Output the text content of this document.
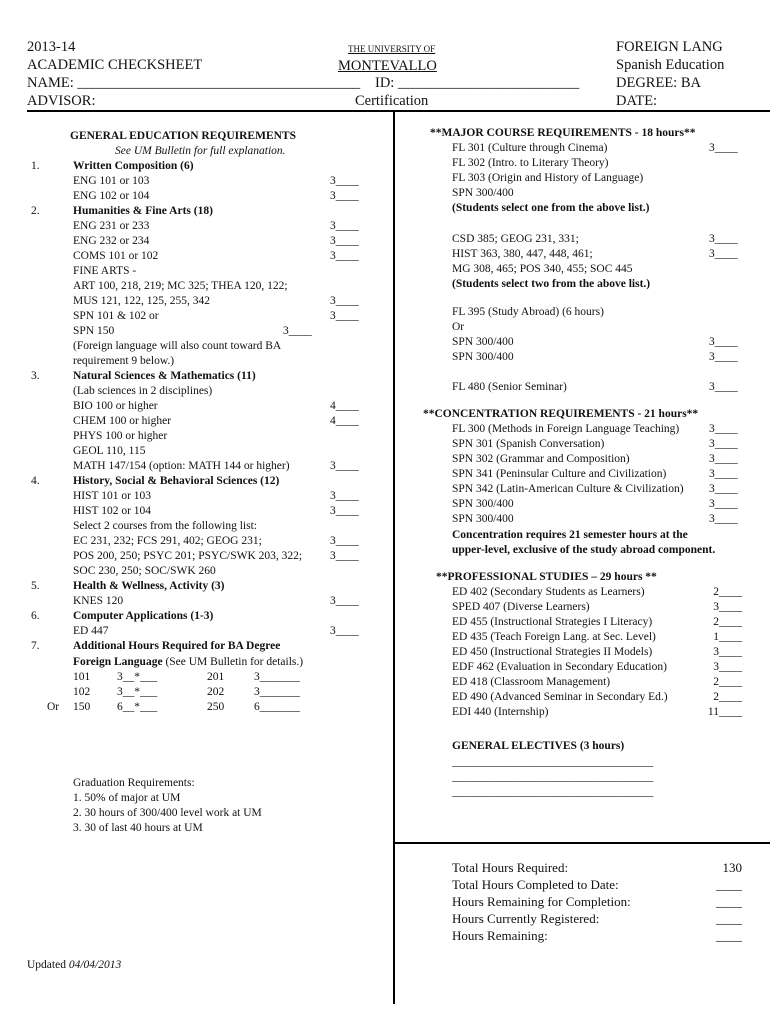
2013-14
ACADEMIC CHECKSHEET
NAME: _______________________________________
ADVISOR:
THE UNIVERSITY OF
MONTEVALLO
ID: _________________________
Certification
FOREIGN LANG
Spanish Education
DEGREE: BA
DATE:
GENERAL EDUCATION REQUIREMENTS
See UM Bulletin for full explanation.
1.	Written Composition (6)
ENG 101 or 103	3____
ENG 102 or 104	3____
2.	Humanities & Fine Arts (18)
ENG 231 or 233	3____
ENG 232 or 234	3____
COMS 101 or 102	3____
FINE ARTS -
ART 100, 218, 219; MC 325; THEA 120, 122;
MUS 121, 122, 125, 255, 342	3____
SPN 101 & 102 or	3____
SPN 150	3____
(Foreign language will also count toward BA
requirement 9 below.)
3.	Natural Sciences & Mathematics (11)
(Lab sciences in 2 disciplines)
BIO 100 or higher	4____
CHEM 100 or higher	4____
PHYS 100 or higher
GEOL 110, 115
MATH 147/154 (option: MATH 144 or higher)	3____
4.	History, Social & Behavioral Sciences (12)
HIST 101 or 103	3____
HIST 102 or 104	3____
Select 2 courses from the following list:
EC 231, 232; FCS 291, 402; GEOG 231;	3____
POS 200, 250; PSYC 201; PSYC/SWK 203, 322; 3____
SOC 230, 250; SOC/SWK 260
5.	Health & Wellness, Activity (3)
KNES 120	3____
6.	Computer Applications (1-3)
ED 447	3____
7.	Additional Hours Required for BA Degree
Foreign Language (See UM Bulletin for details.)
101 3__*___	201	3_______
102 3__*___	202	3_______
Or 150 6__*___	250	6_______
Graduation Requirements:
1. 50% of major at UM
2. 30 hours of 300/400 level work at UM
3. 30 of last 40 hours at UM
Updated 04/04/2013
**MAJOR COURSE REQUIREMENTS - 18 hours**
FL 301 (Culture through Cinema)	3____
FL 302 (Intro. to Literary Theory)
FL 303 (Origin and History of Language)
SPN 300/400
(Students select one from the above list.)
CSD 385; GEOG 231, 331;	3____
HIST 363, 380, 447, 448, 461;	3____
MG 308, 465; POS 340, 455; SOC 445
(Students select two from the above list.)
FL 395 (Study Abroad) (6 hours)
Or
SPN 300/400	3____
SPN 300/400	3____
FL 480 (Senior Seminar)	3____
**CONCENTRATION REQUIREMENTS - 21 hours**
FL 300 (Methods in Foreign Language Teaching)	3____
SPN 301 (Spanish Conversation)	3____
SPN 302 (Grammar and Composition)	3____
SPN 341 (Peninsular Culture and Civilization)	3____
SPN 342 (Latin-American Culture & Civilization) 3____
SPN 300/400	3____
SPN 300/400	3____
Concentration requires 21 semester hours at the
upper-level, exclusive of the study abroad component.
**PROFESSIONAL STUDIES – 29 hours **
ED 402 (Secondary Students as Learners)	2____
SPED 407 (Diverse Learners)	3____
ED 455 (Instructional Strategies I Literacy)	2____
ED 435 (Teach Foreign Lang. at Sec. Level)	1____
ED 450 (Instructional Strategies II Models)	3____
EDF 462 (Evaluation in Secondary Education)	3____
ED 418 (Classroom Management)	2____
ED 490 (Advanced Seminar in Secondary Ed.)	2____
EDI 440 (Internship)	11____
GENERAL ELECTIVES (3 hours)
___________________________________
___________________________________
___________________________________
Total Hours Required:	130
Total Hours Completed to Date:	____
Hours Remaining for Completion:	____
Hours Currently Registered:	____
Hours Remaining:	____
